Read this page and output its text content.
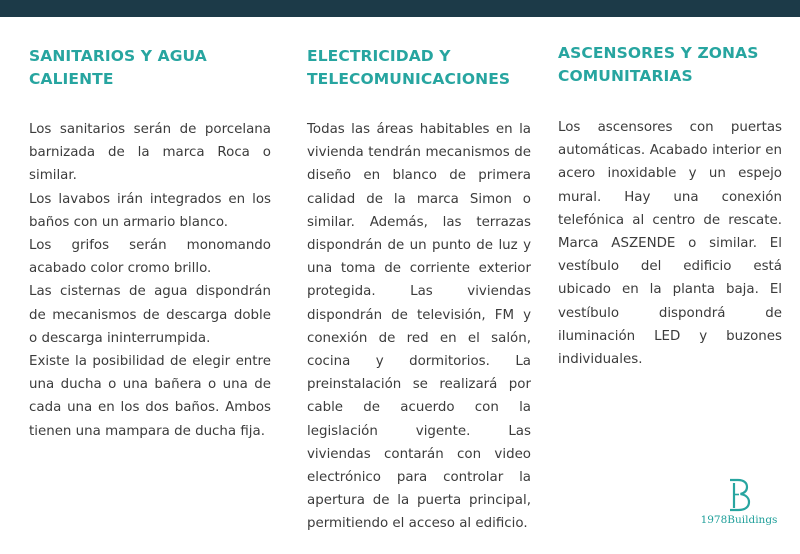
SANITARIOS Y AGUA
CALIENTE

Los sanitarios serán de porcelana barnizada de la marca Roca o similar.

Los lavabos irán integrados en los baños con un armario blanco.

Los grifos serán monomando acabado color cromo brillo.

Las cisternas de agua dispondrán de mecanismos de descarga doble o descarga ininterrumpida.

Existe la posibilidad de elegir entre una ducha o una bañera o una de cada una en los dos baños. Ambos tienen una mampara de ducha fija.

ELECTRICIDAD Y
TELECOMUNICACIONES

Todas las áreas habitables en la vivienda tendrán mecanismos de diseño en blanco de primera calidad de la marca Simon o similar. Además, las terrazas dispondrán de un punto de luz y una toma de corriente exterior protegida. Las viviendas dispondrán de televisión, FM y conexión de red en el salón, cocina y dormitorios. La preinstalación se realizará por cable de acuerdo con la legislación vigente. Las viviendas contarán con video electrónico para controlar la apertura de la puerta principal, permitiendo el acceso al edificio.

ASCENSORES Y ZONAS
COMUNITARIAS

Los ascensores con puertas automáticas. Acabado interior en acero inoxidable y un espejo mural. Hay una conexión telefónica al centro de rescate. Marca ASZENDE o similar. El vestíbulo del edificio está ubicado en la planta baja. El vestíbulo dispondrá de iluminación LED y buzones individuales.

1978Buildings
